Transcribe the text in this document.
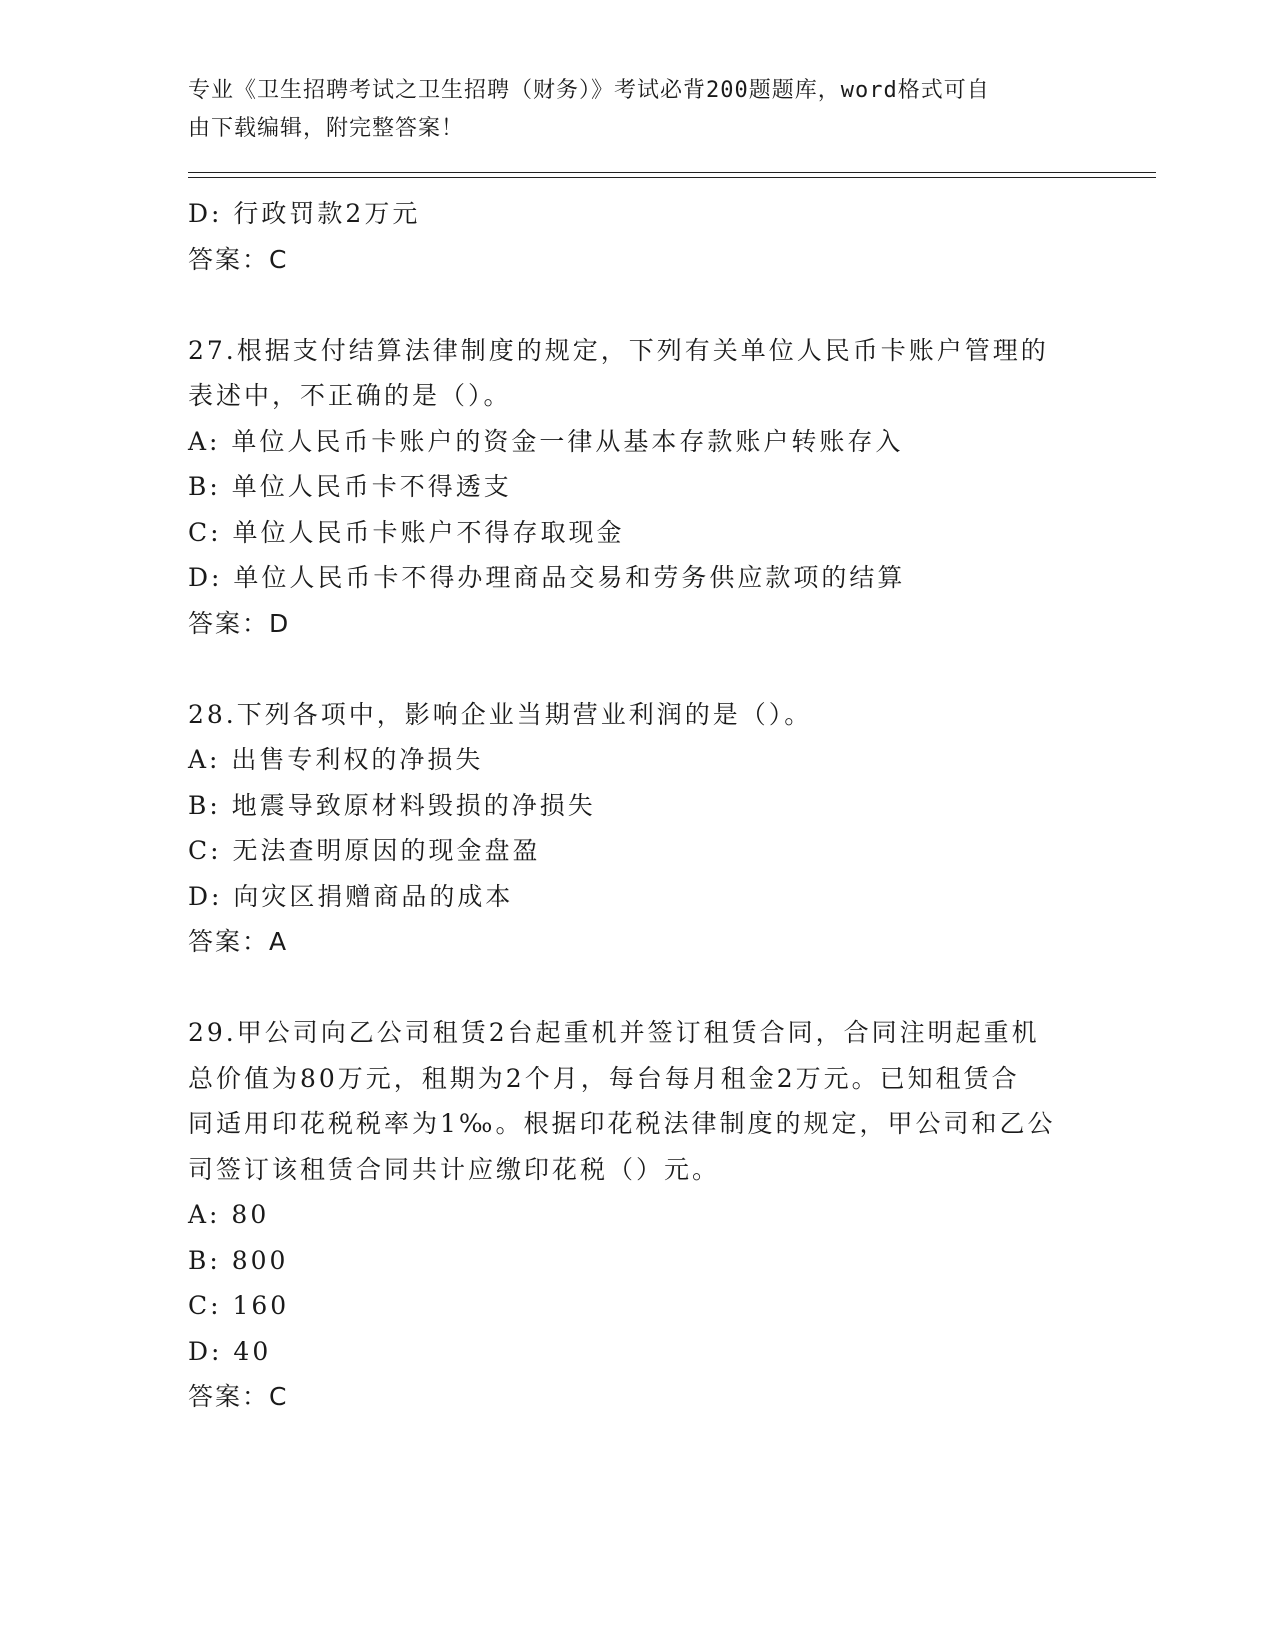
专业《卫生招聘考试之卫生招聘（财务）》考试必背200题题库，word格式可自
由下载编辑，附完整答案！
D: 行政罚款2万元
答案：C
27.根据支付结算法律制度的规定，下列有关单位人民币卡账户管理的
表述中，不正确的是（）。
A: 单位人民币卡账户的资金一律从基本存款账户转账存入
B: 单位人民币卡不得透支
C: 单位人民币卡账户不得存取现金
D: 单位人民币卡不得办理商品交易和劳务供应款项的结算
答案：D
28.下列各项中，影响企业当期营业利润的是（）。
A: 出售专利权的净损失
B: 地震导致原材料毁损的净损失
C: 无法查明原因的现金盘盈
D: 向灾区捐赠商品的成本
答案：A
29.甲公司向乙公司租赁2台起重机并签订租赁合同，合同注明起重机
总价值为80万元，租期为2个月，每台每月租金2万元。已知租赁合
同适用印花税税率为1‰。根据印花税法律制度的规定，甲公司和乙公
司签订该租赁合同共计应缴印花税（）元。
A: 80
B: 800
C: 160
D: 40
答案：C
